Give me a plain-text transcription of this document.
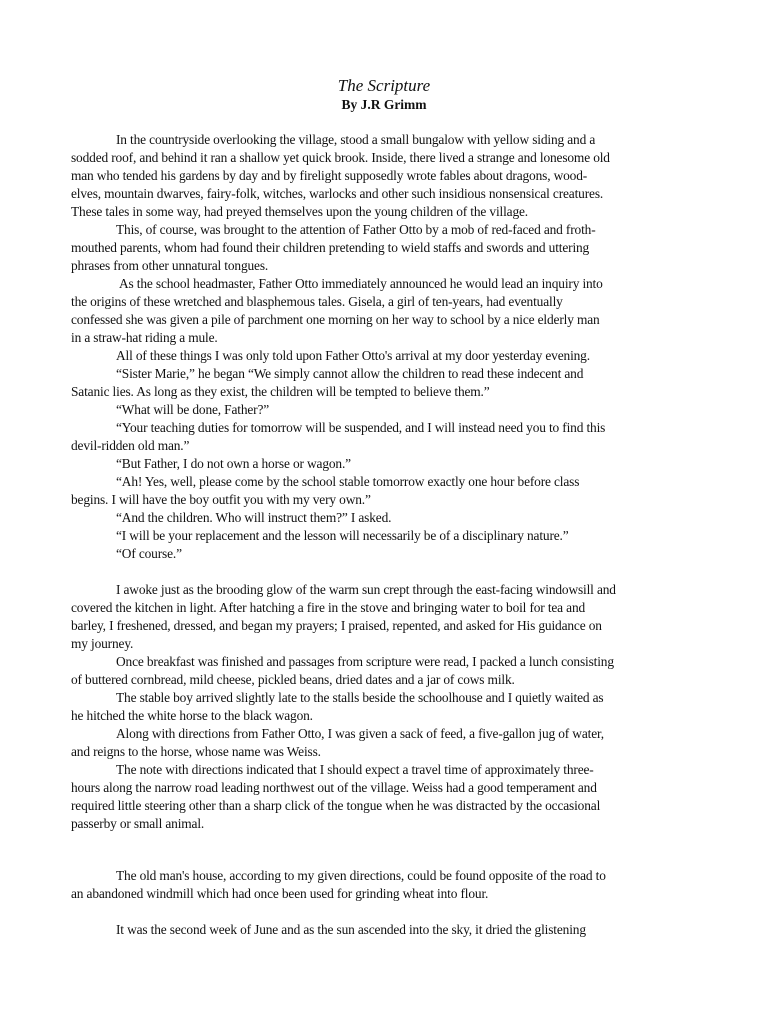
The Scripture
By J.R Grimm
In the countryside overlooking the village, stood a small bungalow with yellow siding and a
sodded roof, and behind it ran a shallow yet quick brook. Inside, there lived a strange and lonesome old
man who tended his gardens by day and by firelight supposedly wrote fables about dragons, wood-
elves, mountain dwarves, fairy-folk, witches, warlocks and other such insidious nonsensical creatures.
These tales in some way, had preyed themselves upon the young children of the village.
This, of course, was brought to the attention of Father Otto by a mob of red-faced and froth-
mouthed parents, whom had found their children pretending to wield staffs and swords and uttering
phrases from other unnatural tongues.
As the school headmaster, Father Otto immediately announced he would lead an inquiry into
the origins of these wretched and blasphemous tales. Gisela, a girl of ten-years, had eventually
confessed she was given a pile of parchment one morning on her way to school by a nice elderly man
in a straw-hat riding a mule.
All of these things I was only told upon Father Otto's arrival at my door yesterday evening.
“Sister Marie,” he began “We simply cannot allow the children to read these indecent and
Satanic lies. As long as they exist, the children will be tempted to believe them.”
“What will be done, Father?”
“Your teaching duties for tomorrow will be suspended, and I will instead need you to find this
devil-ridden old man.”
“But Father, I do not own a horse or wagon.”
“Ah! Yes, well, please come by the school stable tomorrow exactly one hour before class
begins. I will have the boy outfit you with my very own.”
“And the children. Who will instruct them?” I asked.
“I will be your replacement and the lesson will necessarily be of a disciplinary nature.”
“Of course.”
I awoke just as the brooding glow of the warm sun crept through the east-facing windowsill and
covered the kitchen in light. After hatching a fire in the stove and bringing water to boil for tea and
barley, I freshened, dressed, and began my prayers; I praised, repented, and asked for His guidance on
my journey.
Once breakfast was finished and passages from scripture were read, I packed a lunch consisting
of buttered cornbread, mild cheese, pickled beans, dried dates and a jar of cows milk.
The stable boy arrived slightly late to the stalls beside the schoolhouse and I quietly waited as
he hitched the white horse to the black wagon.
Along with directions from Father Otto, I was given a sack of feed, a five-gallon jug of water,
and reigns to the horse, whose name was Weiss.
The note with directions indicated that I should expect a travel time of approximately three-
hours along the narrow road leading northwest out of the village. Weiss had a good temperament and
required little steering other than a sharp click of the tongue when he was distracted by the occasional
passerby or small animal.
The old man's house, according to my given directions, could be found opposite of the road to
an abandoned windmill which had once been used for grinding wheat into flour.
It was the second week of June and as the sun ascended into the sky, it dried the glistening
